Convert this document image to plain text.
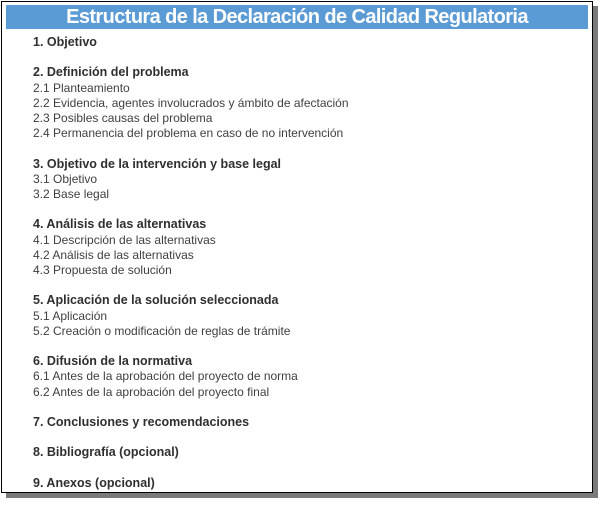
Estructura de la Declaración de Calidad Regulatoria
1. Objetivo
2. Definición del problema
2.1 Planteamiento
2.2 Evidencia, agentes involucrados y ámbito de afectación
2.3 Posibles causas del problema
2.4 Permanencia del problema en caso de no intervención
3. Objetivo de la intervención y base legal
3.1 Objetivo
3.2 Base legal
4. Análisis de las alternativas
4.1 Descripción de las alternativas
4.2 Análisis de las alternativas
4.3 Propuesta de solución
5. Aplicación de la solución seleccionada
5.1 Aplicación
5.2 Creación o modificación de reglas de trámite
6. Difusión de la normativa
6.1 Antes de la aprobación del proyecto de norma
6.2 Antes de la aprobación del proyecto final
7. Conclusiones y recomendaciones
8. Bibliografía (opcional)
9. Anexos (opcional)
